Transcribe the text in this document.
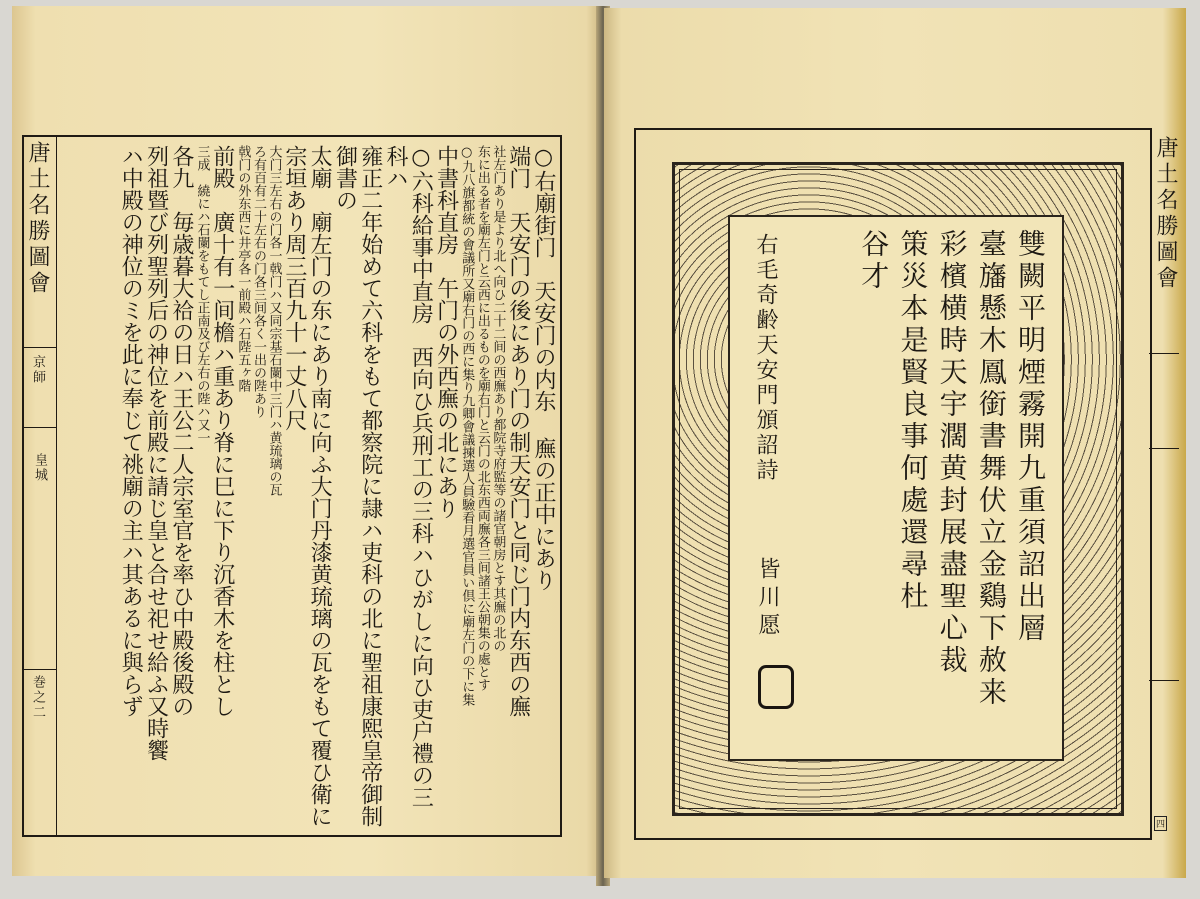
唐土名勝圖會
京師
皇城
巻之二
○右廟街门　天安门の内东 廡の正中にあり
端门　天安门の後にあり门の制天安门と同じ门内东西の廡
社左门あり是より北へ向ひ二十二间の西廡あり都院寺府監等の諸官朝房とす其廡の北の
东に出る者を廟左门と云西に出るものを廟右门と云门の北东西両廡各三间諸王公朝集の處とす
○九八旗都統の會議所又廟右门の西に集り九卿會議揀選人員驗看月選官員い倶に廟左门の下に集
中書科直房　午门の外西廡の北にあり
○六科給事中直房　西向ひ兵刑工の三科ハひがしに向ひ吏户禮の三科ハ
雍正二年始めて六科をもて都察院に隷ハ吏科の北に聖祖康熙皇帝御制御書の
太廟　廟左门の东にあり南に向ふ大门丹漆黄琉璃の瓦をもて覆ひ衛に宗垣あり周三百九十一丈八尺
大门三左右の门各一戟门ハ又同宗基石闌中三门ハ黄琉璃の瓦
ろ有百有二十左右の门各三间各く一出の陛あり
戟门の外东西に井亭各一前殿ハ石陛五ヶ階
前殿　廣十有一间檐ハ重あり脊に巳に下り沉香木を柱とし
三成　繞にハ石闌をもてし正南及び左右の陛ハ又一
各九　毎歳暮大祫の日ハ王公二人宗室官を率ひ中殿後殿の
列祖暨び列聖列后の神位を前殿に請じ皇と合せ祀せ給ふ又時饗
ハ中殿の神位のミを此に奉じて祧廟の主ハ其あるに與らず	唐土名勝圖會
四
雙闕平明煙霧開九重須詔出層
臺旛懸木鳳銜書舞伏立金鷄下赦来
彩檳横時天宇濶黄封展盡聖心裁
策災本是賢良事何處還尋杜
谷才
右毛奇齢天安門頒詔詩
皆川愿
